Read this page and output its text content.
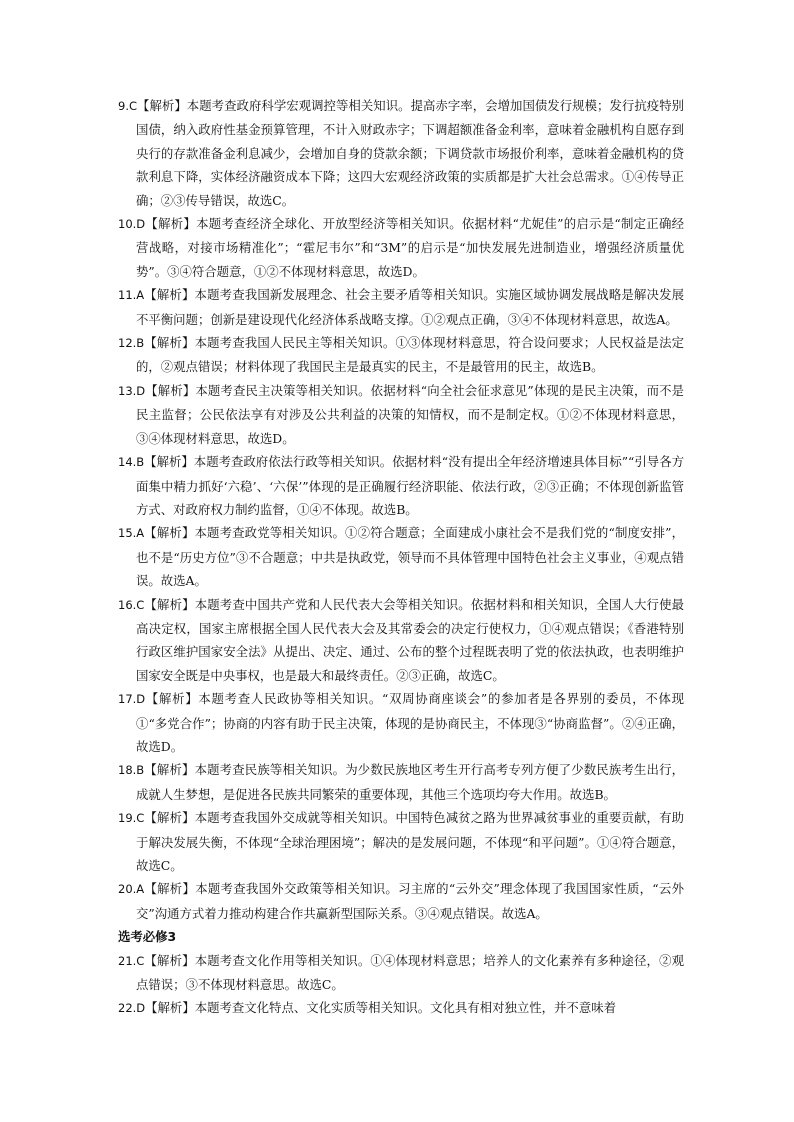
9.C【解析】本题考查政府科学宏观调控等相关知识。提高赤字率，会增加国债发行规模；发行抗疫特别国债，纳入政府性基金预算管理，不计入财政赤字；下调超额准备金利率，意味着金融机构自愿存到央行的存款准备金利息减少，会增加自身的贷款余额；下调贷款市场报价利率，意味着金融机构的贷款利息下降，实体经济融资成本下降；这四大宏观经济政策的实质都是扩大社会总需求。①④传导正确；②③传导错误，故选C。

10.D【解析】本题考查经济全球化、开放型经济等相关知识。依据材料“尤妮佳”的启示是“制定正确经营战略，对接市场精准化”；“霍尼韦尔”和“3M”的启示是“加快发展先进制造业，增强经济质量优势”。③④符合题意，①②不体现材料意思，故选D。

11.A【解析】本题考查我国新发展理念、社会主要矛盾等相关知识。实施区域协调发展战略是解决发展不平衡问题；创新是建设现代化经济体系战略支撑。①②观点正确，③④不体现材料意思，故选A。

12.B【解析】本题考查我国人民民主等相关知识。①③体现材料意思，符合设问要求；人民权益是法定的，②观点错误；材料体现了我国民主是最真实的民主，不是最管用的民主，故选B。

13.D【解析】本题考查民主决策等相关知识。依据材料“向全社会征求意见”体现的是民主决策，而不是民主监督；公民依法享有对涉及公共利益的决策的知情权，而不是制定权。①②不体现材料意思，③④体现材料意思，故选D。

14.B【解析】本题考查政府依法行政等相关知识。依据材料“没有提出全年经济增速具体目标”“引导各方面集中精力抓好‘六稳’、‘六保’”体现的是正确履行经济职能、依法行政，②③正确；不体现创新监管方式、对政府权力制约监督，①④不体现。故选B。

15.A【解析】本题考查政党等相关知识。①②符合题意；全面建成小康社会不是我们党的“制度安排”，也不是“历史方位”③不合题意；中共是执政党，领导而不具体管理中国特色社会主义事业，④观点错误。故选A。

16.C【解析】本题考查中国共产党和人民代表大会等相关知识。依据材料和相关知识，全国人大行使最高决定权，国家主席根据全国人民代表大会及其常委会的决定行使权力，①④观点错误；《香港特别行政区维护国家安全法》从提出、决定、通过、公布的整个过程既表明了党的依法执政，也表明维护国家安全既是中央事权，也是最大和最终责任。②③正确，故选C。

17.D【解析】本题考查人民政协等相关知识。“双周协商座谈会”的参加者是各界别的委员，不体现①“多党合作”；协商的内容有助于民主决策，体现的是协商民主，不体现③“协商监督”。②④正确，故选D。

18.B【解析】本题考查民族等相关知识。为少数民族地区考生开行高考专列方便了少数民族考生出行，成就人生梦想，是促进各民族共同繁荣的重要体现，其他三个选项均夸大作用。故选B。

19.C【解析】本题考查我国外交成就等相关知识。中国特色减贫之路为世界减贫事业的重要贡献，有助于解决发展失衡，不体现“全球治理困境”；解决的是发展问题，不体现“和平问题”。①④符合题意，故选C。

20.A【解析】本题考查我国外交政策等相关知识。习主席的“云外交”理念体现了我国国家性质，“云外交”沟通方式着力推动构建合作共赢新型国际关系。③④观点错误。故选A。

选考必修3

21.C【解析】本题考查文化作用等相关知识。①④体现材料意思；培养人的文化素养有多种途径，②观点错误；③不体现材料意思。故选C。

22.D【解析】本题考查文化特点、文化实质等相关知识。文化具有相对独立性，并不意味着
